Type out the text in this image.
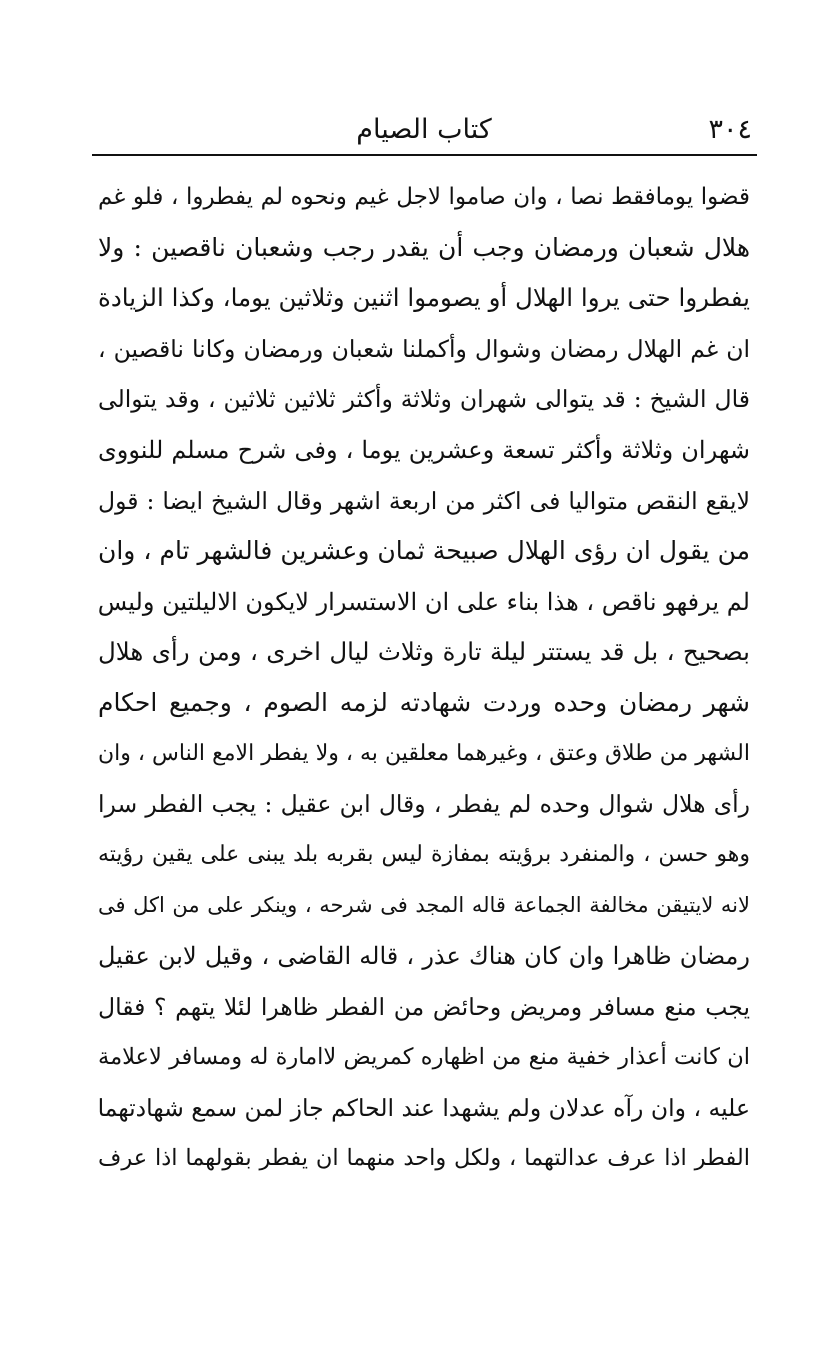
كتاب الصيام	٣٠٤
قضوا يومافقط نصا ، وان صاموا لاجل غيم ونحوه لم يفطروا ، فلو غم
هلال شعبان ورمضان وجب أن يقدر رجب وشعبان ناقصين : ولا
يفطروا حتى يروا الهلال أو يصوموا اثنين وثلاثين يوما، وكذا الزيادة
ان غم الهلال رمضان وشوال وأكملنا شعبان ورمضان وكانا ناقصين ،
قال الشيخ : قد يتوالى شهران وثلاثة وأكثر ثلاثين ثلاثين ، وقد يتوالى
شهران وثلاثة وأكثر تسعة وعشرين يوما ، وفى شرح مسلم للنووى
لايقع النقص متواليا فى اكثر من اربعة اشهر وقال الشيخ ايضا : قول
من يقول ان رؤى الهلال صبيحة ثمان وعشرين فالشهر تام ، وان
لم يرفهو ناقص ، هذا بناء على ان الاستسرار لايكون الاليلتين وليس
بصحيح ، بل قد يستتر ليلة تارة وثلاث ليال اخرى ، ومن رأى هلال
شهر رمضان وحده وردت شهادته لزمه الصوم ، وجميع احكام
الشهر من طلاق وعتق ، وغيرهما معلقين به ، ولا يفطر الامع الناس ، وان
رأى هلال شوال وحده لم يفطر ، وقال ابن عقيل : يجب الفطر سرا
وهو حسن ، والمنفرد برؤيته بمفازة ليس بقربه بلد يبنى على يقين رؤيته
لانه لايتيقن مخالفة الجماعة قاله المجد فى شرحه ، وينكر على من اكل فى
رمضان ظاهرا وان كان هناك عذر ، قاله القاضى ، وقيل لابن عقيل
يجب منع مسافر ومريض وحائض من الفطر ظاهرا لئلا يتهم ؟ فقال
ان كانت أعذار خفية منع من اظهاره كمريض لاامارة له ومسافر لاعلامة
عليه ، وان رآه عدلان ولم يشهدا عند الحاكم جاز لمن سمع شهادتهما
الفطر اذا عرف عدالتهما ، ولكل واحد منهما ان يفطر بقولهما اذا عرف
